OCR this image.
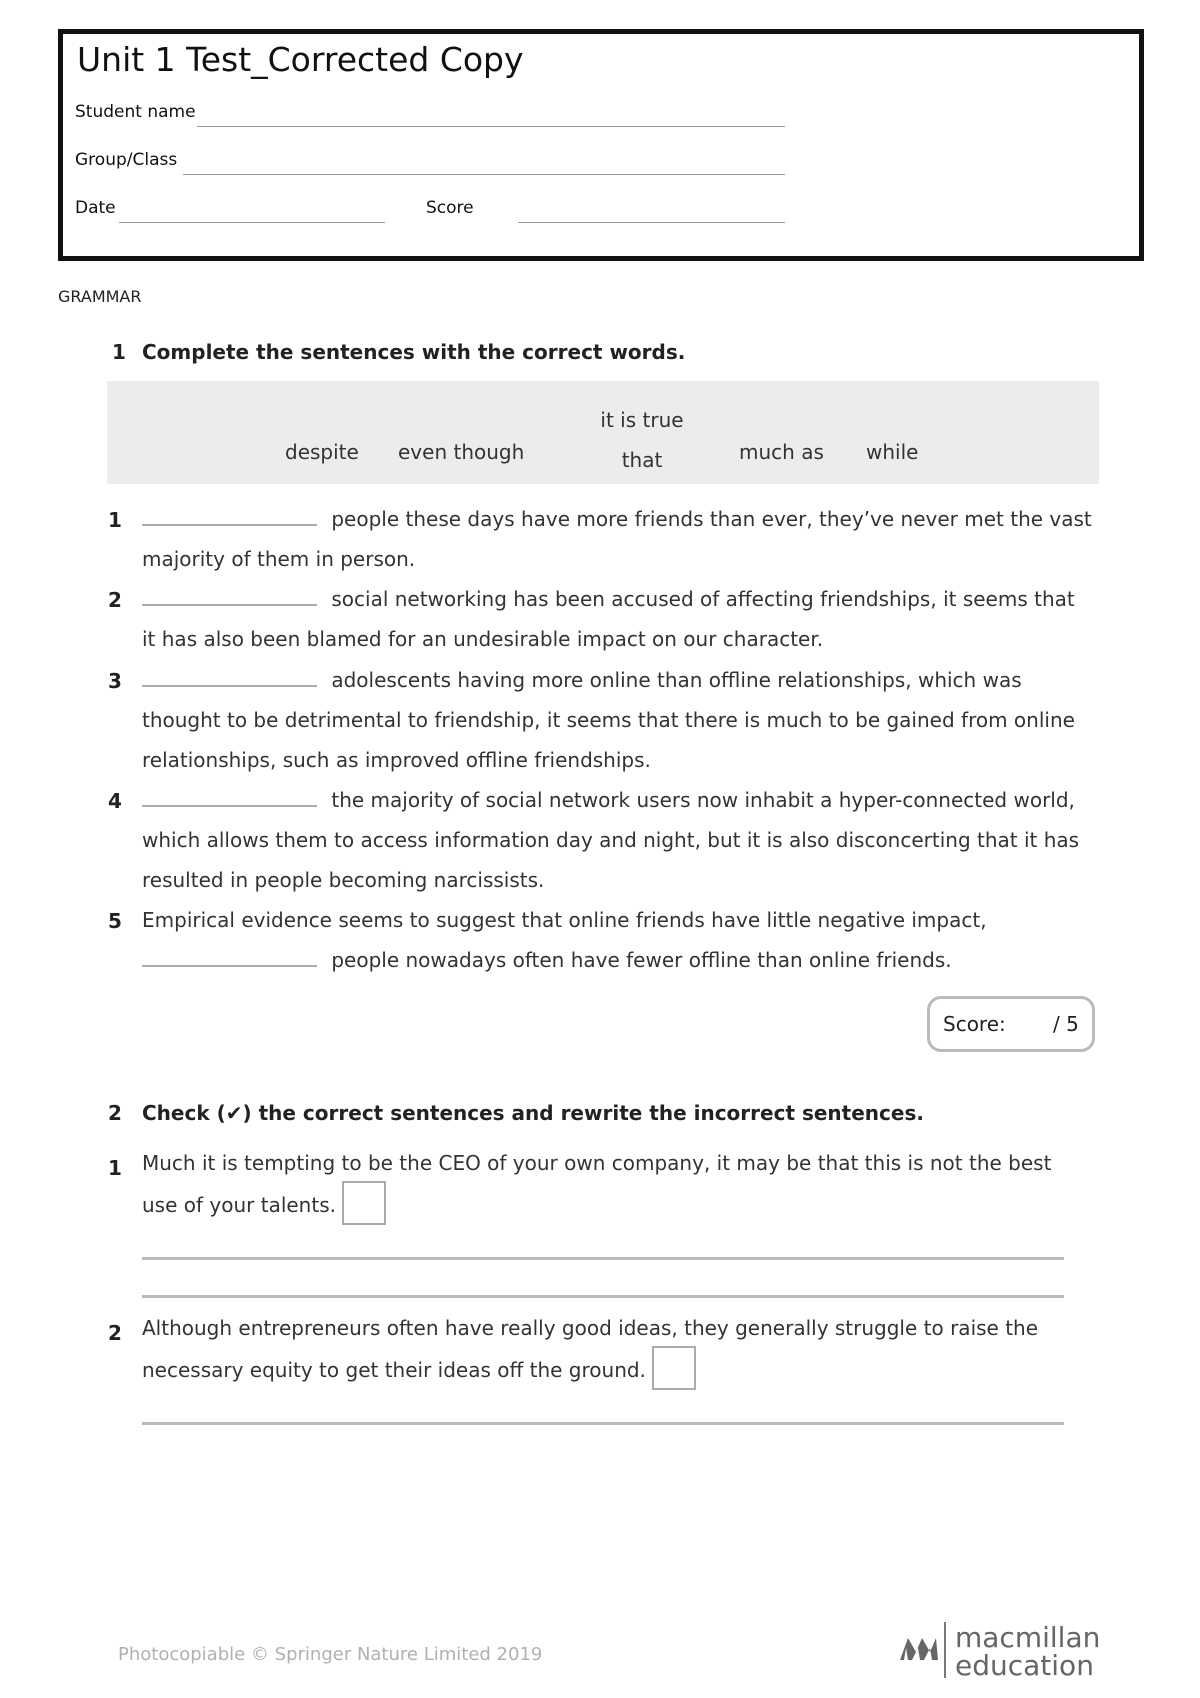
Unit 1 Test_Corrected Copy
Student name
Group/Class
Date	Score
GRAMMAR
1 Complete the sentences with the correct words.
despite even though
it is true that	much as while
1	people these days have more friends than ever, they’ve never met the vast majority of them in person.
2	social networking has been accused of affecting friendships, it seems that it has also been blamed for an undesirable impact on our character.
3	adolescents having more online than offline relationships, which was thought to be detrimental to friendship, it seems that there is much to be gained from online relationships, such as improved offline friendships.
4	the majority of social network users now inhabit a hyper-connected world, which allows them to access information day and night, but it is also disconcerting that it has resulted in people becoming narcissists.
5 Empirical evidence seems to suggest that online friends have little negative impact,  people nowadays often have fewer offline than online friends.
Score: / 5
2 Check (✔) the correct sentences and rewrite the incorrect sentences.
1 Much it is tempting to be the CEO of your own company, it may be that this is not the best use of your talents.
2 Although entrepreneurs often have really good ideas, they generally struggle to raise the necessary equity to get their ideas off the ground.
Photocopiable © Springer Nature Limited 2019
macmillan
education
